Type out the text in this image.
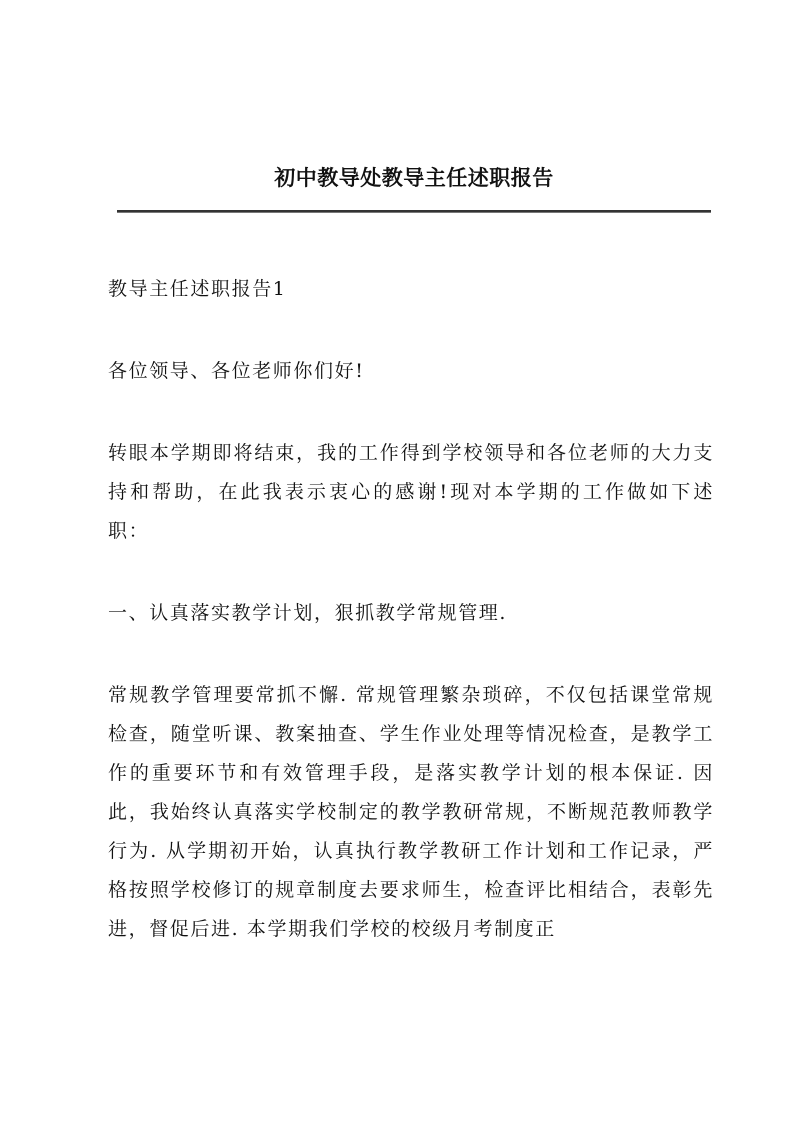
初中教导处教导主任述职报告

教导主任述职报告1

各位领导、各位老师你们好!

转眼本学期即将结束，我的工作得到学校领导和各位老师的大力支持和帮助，在此我表示衷心的感谢!现对本学期的工作做如下述职：

一、认真落实教学计划，狠抓教学常规管理.

常规教学管理要常抓不懈. 常规管理繁杂琐碎，不仅包括课堂常规检查，随堂听课、教案抽查、学生作业处理等情况检查，是教学工作的重要环节和有效管理手段，是落实教学计划的根本保证. 因此，我始终认真落实学校制定的教学教研常规，不断规范教师教学行为. 从学期初开始，认真执行教学教研工作计划和工作记录，严格按照学校修订的规章制度去要求师生，检查评比相结合，表彰先进，督促后进. 本学期我们学校的校级月考制度正
